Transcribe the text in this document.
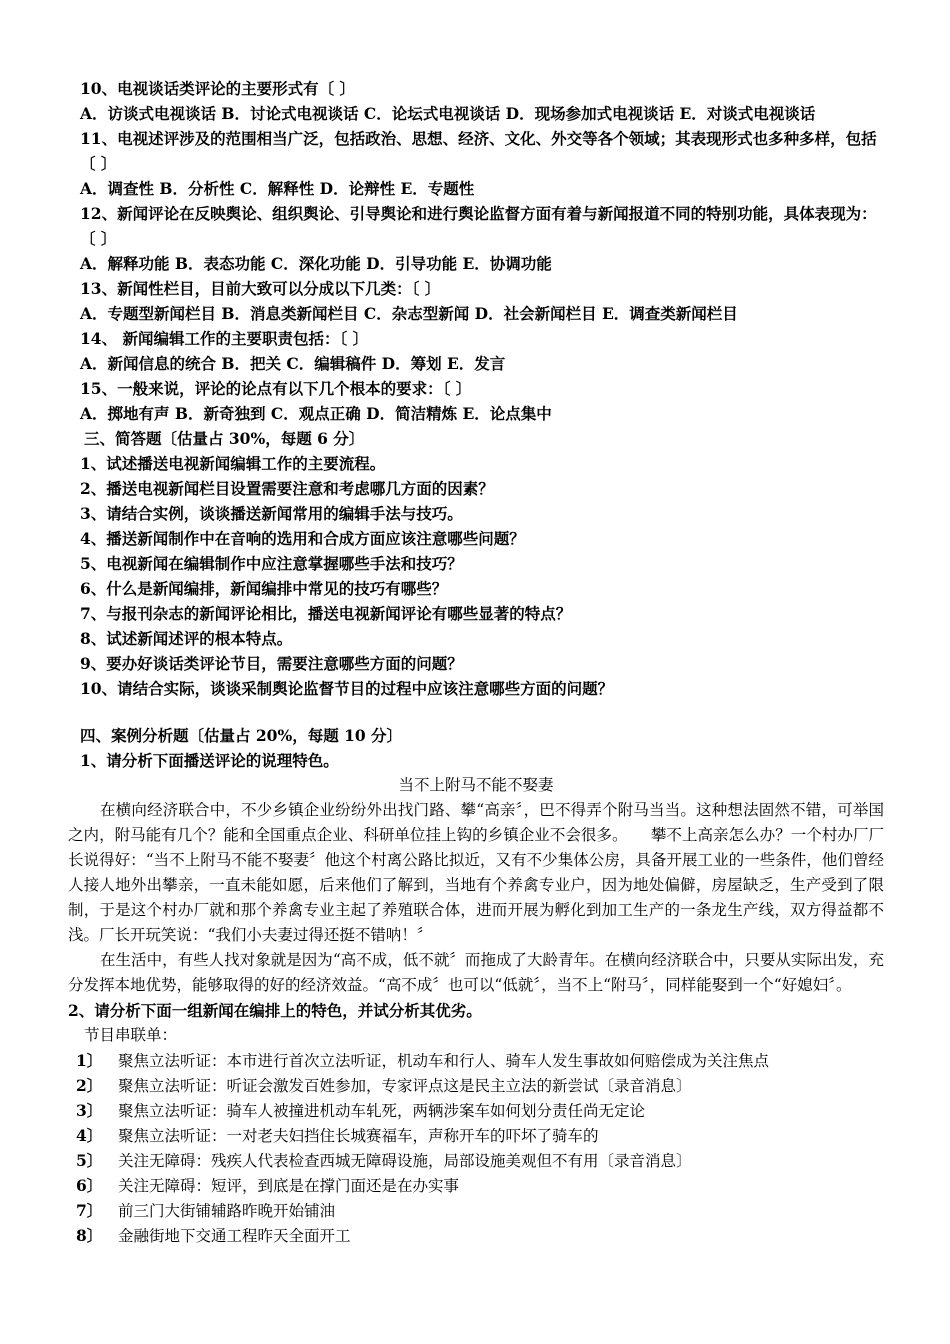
10、电视谈话类评论的主要形式有〔 〕
A．访谈式电视谈话 B．讨论式电视谈话 C．论坛式电视谈话 D．现场参加式电视谈话 E．对谈式电视谈话
11、电视述评涉及的范围相当广泛，包括政治、思想、经济、文化、外交等各个领域；其表现形式也多种多样，包括〔 〕
A．调查性 B．分析性 C．解释性 D．论辩性 E．专题性
12、新闻评论在反映舆论、组织舆论、引导舆论和进行舆论监督方面有着与新闻报道不同的特别功能，具体表现为：〔 〕
A．解释功能 B．表态功能 C．深化功能 D．引导功能 E．协调功能
13、新闻性栏目，目前大致可以分成以下几类：〔 〕
A．专题型新闻栏目 B．消息类新闻栏目 C．杂志型新闻 D．社会新闻栏目 E．调查类新闻栏目
14、 新闻编辑工作的主要职责包括：〔 〕
A．新闻信息的统合 B．把关 C．编辑稿件 D．筹划 E．发言
15、一般来说，评论的论点有以下几个根本的要求：〔 〕
A．掷地有声 B．新奇独到 C．观点正确 D．简洁精炼 E．论点集中
三、简答题〔估量占 30%，每题 6 分〕
1、试述播送电视新闻编辑工作的主要流程。
2、播送电视新闻栏目设置需要注意和考虑哪几方面的因素？
3、请结合实例，谈谈播送新闻常用的编辑手法与技巧。
4、播送新闻制作中在音响的选用和合成方面应该注意哪些问题？
5、电视新闻在编辑制作中应注意掌握哪些手法和技巧？
6、什么是新闻编排，新闻编排中常见的技巧有哪些？
7、与报刊杂志的新闻评论相比，播送电视新闻评论有哪些显著的特点？
8、试述新闻述评的根本特点。
9、要办好谈话类评论节目，需要注意哪些方面的问题？
10、请结合实际，谈谈采制舆论监督节目的过程中应该注意哪些方面的问题？
四、案例分析题〔估量占 20%，每题 10 分〕
1、请分析下面播送评论的说理特色。
当不上附马不能不娶妻
在横向经济联合中，不少乡镇企业纷纷外出找门路、攀“高亲〞，巴不得弄个附马当当。这种想法固然不错，可举国之内，附马能有几个？能和全国重点企业、科研单位挂上钩的乡镇企业不会很多。　　攀不上高亲怎么办？一个村办厂厂长说得好：“当不上附马不能不娶妻〞他这个村离公路比拟近，又有不少集体公房，具备开展工业的一些条件，他们曾经人接人地外出攀亲，一直未能如愿，后来他们了解到，当地有个养禽专业户，因为地处偏僻，房屋缺乏，生产受到了限制，于是这个村办厂就和那个养禽专业主起了养殖联合体，进而开展为孵化到加工生产的一条龙生产线，双方得益都不浅。厂长开玩笑说：“我们小夫妻过得还挺不错呐！〞
在生活中，有些人找对象就是因为“高不成，低不就〞而拖成了大龄青年。在横向经济联合中，只要从实际出发，充分发挥本地优势，能够取得的好的经济效益。“高不成〞也可以“低就〞，当不上“附马〞，同样能娶到一个“好媳妇〞。
2、请分析下面一组新闻在编排上的特色，并试分析其优劣。
节目串联单：
1〕 聚焦立法听证：本市进行首次立法听证，机动车和行人、骑车人发生事故如何赔偿成为关注焦点
2〕 聚焦立法听证：听证会激发百姓参加，专家评点这是民主立法的新尝试〔录音消息〕
3〕 聚焦立法听证：骑车人被撞进机动车轧死，两辆涉案车如何划分责任尚无定论
4〕 聚焦立法听证：一对老夫妇挡住长城赛福车，声称开车的吓坏了骑车的
5〕 关注无障碍：残疾人代表检查西城无障碍设施，局部设施美观但不有用〔录音消息〕
6〕 关注无障碍：短评，到底是在撑门面还是在办实事
7〕 前三门大街铺辅路昨晚开始铺油
8〕 金融街地下交通工程昨天全面开工
